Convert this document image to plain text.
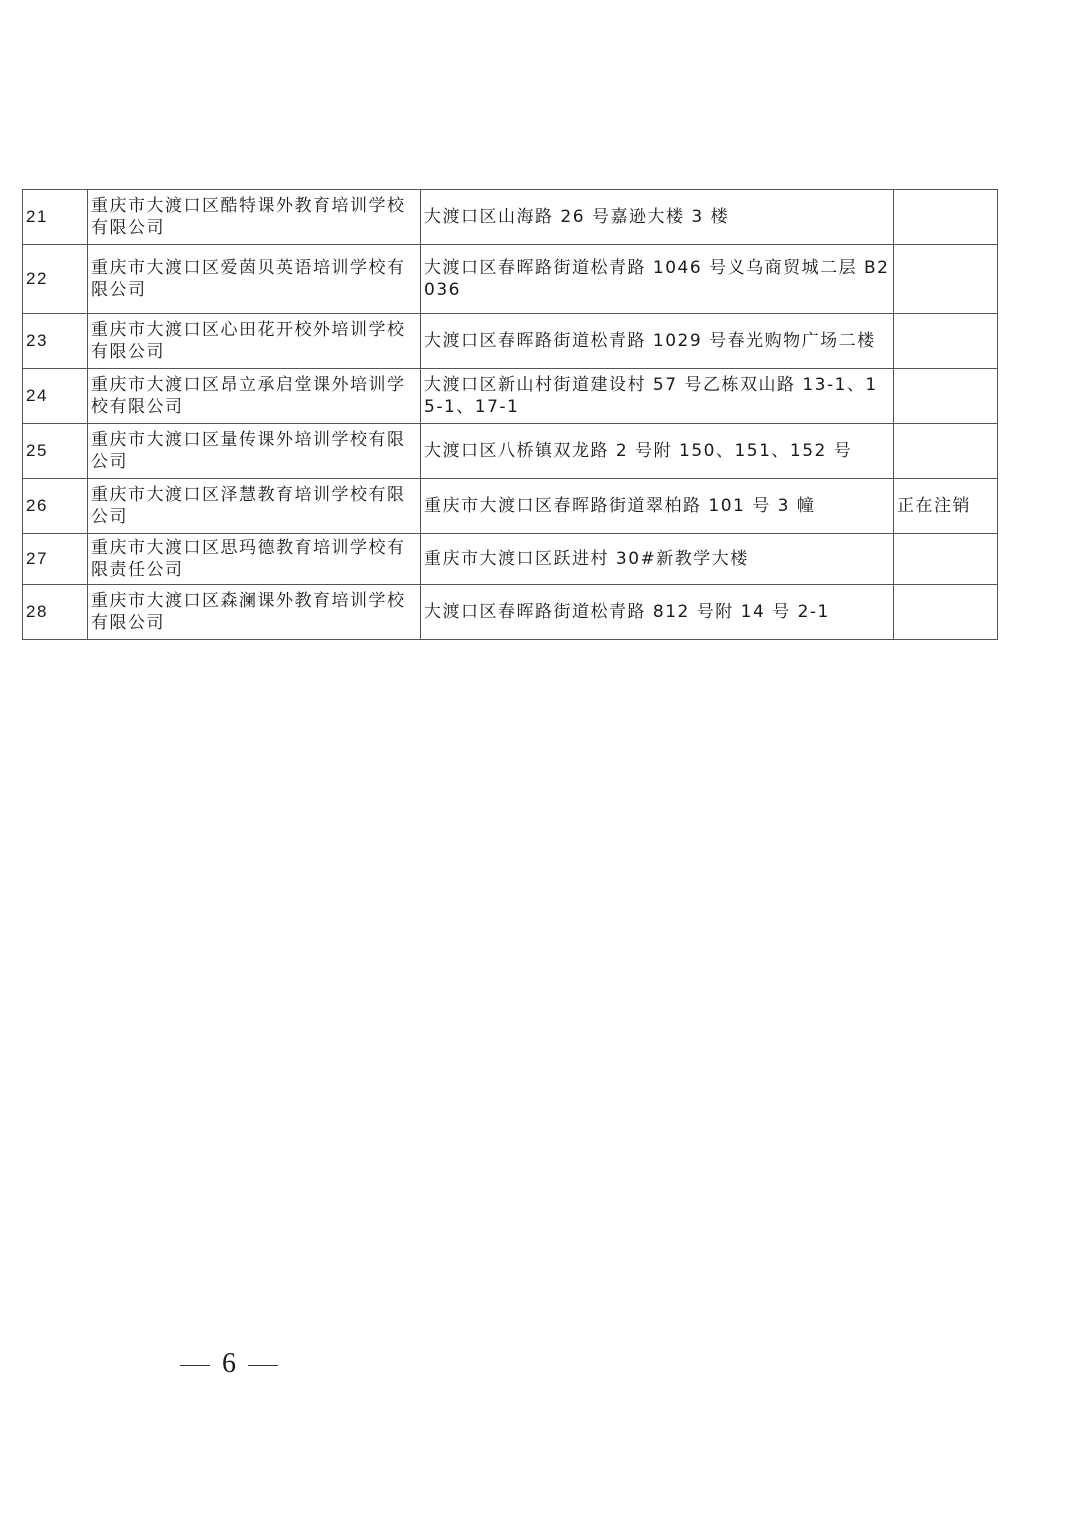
21	重庆市大渡口区酷特课外教育培训学校有限公司	大渡口区山海路 26 号嘉逊大楼 3 楼	
22	重庆市大渡口区爱茵贝英语培训学校有限公司	大渡口区春晖路街道松青路 1046 号义乌商贸城二层 B2036	
23	重庆市大渡口区心田花开校外培训学校有限公司	大渡口区春晖路街道松青路 1029 号春光购物广场二楼	
24	重庆市大渡口区昂立承启堂课外培训学校有限公司	大渡口区新山村街道建设村 57 号乙栋双山路 13-1、15-1、17-1	
25	重庆市大渡口区量传课外培训学校有限公司	大渡口区八桥镇双龙路 2 号附 150、151、152 号	
26	重庆市大渡口区泽慧教育培训学校有限公司	重庆市大渡口区春晖路街道翠柏路 101 号 3 幢	正在注销
27	重庆市大渡口区思玛德教育培训学校有限责任公司	重庆市大渡口区跃进村 30#新教学大楼	
28	重庆市大渡口区森澜课外教育培训学校有限公司	大渡口区春晖路街道松青路 812 号附 14 号 2-1	
6
